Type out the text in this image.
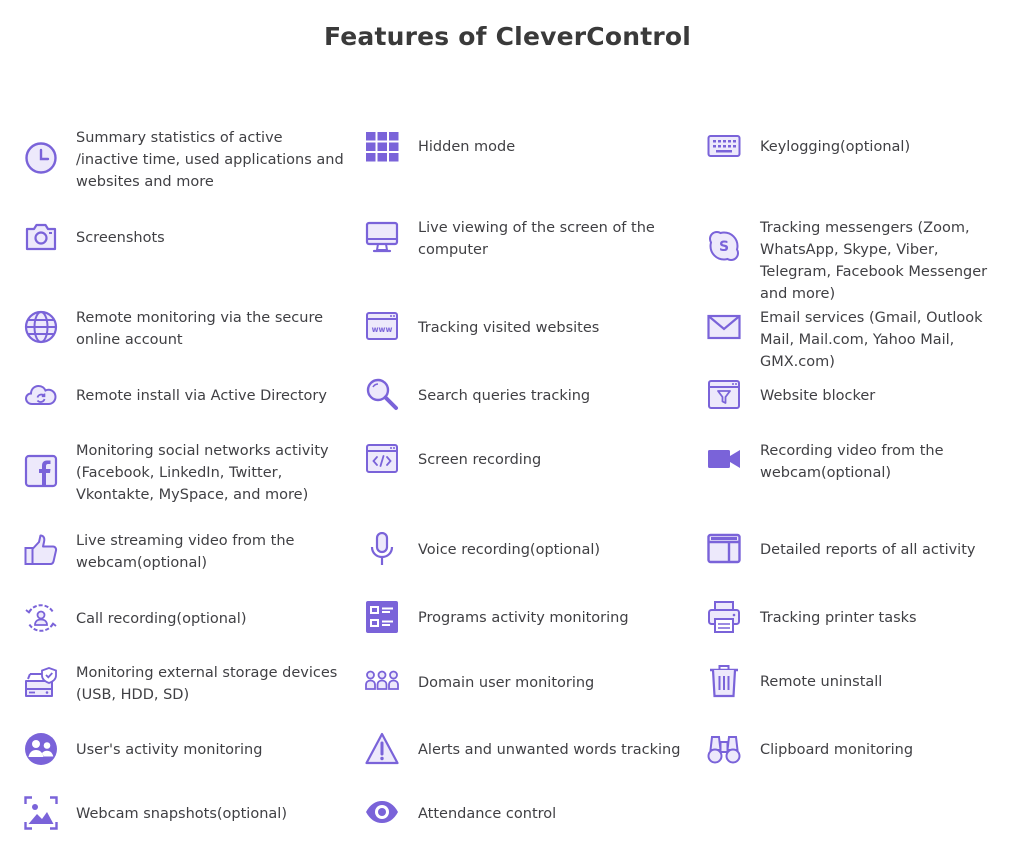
Features of CleverControl
Summary statistics of active /inactive time, used applications and websites and more
Hidden mode	Keylogging(optional)
Screenshots
Live viewing of the screen of the computer	S
Tracking messengers (Zoom, WhatsApp, Skype, Viber, Telegram, Facebook Messenger and more)
Remote monitoring via the secure online account
www Tracking visited websites
Email services (Gmail, Outlook Mail, Mail.com, Yahoo Mail, GMX.com)
Remote install via Active Directory	Search queries tracking	Website blocker
Monitoring social networks activity (Facebook, LinkedIn, Twitter, Vkontakte, MySpace, and more)
Screen recording
Recording video from the webcam(optional)
Live streaming video from the webcam(optional)
Voice recording(optional)	Detailed reports of all activity
Call recording(optional)	Programs activity monitoring	Tracking printer tasks
Monitoring external storage devices (USB, HDD, SD)
Domain user monitoring	Remote uninstall
User's activity monitoring	Alerts and unwanted words tracking	Clipboard monitoring
Webcam snapshots(optional)	Attendance control
